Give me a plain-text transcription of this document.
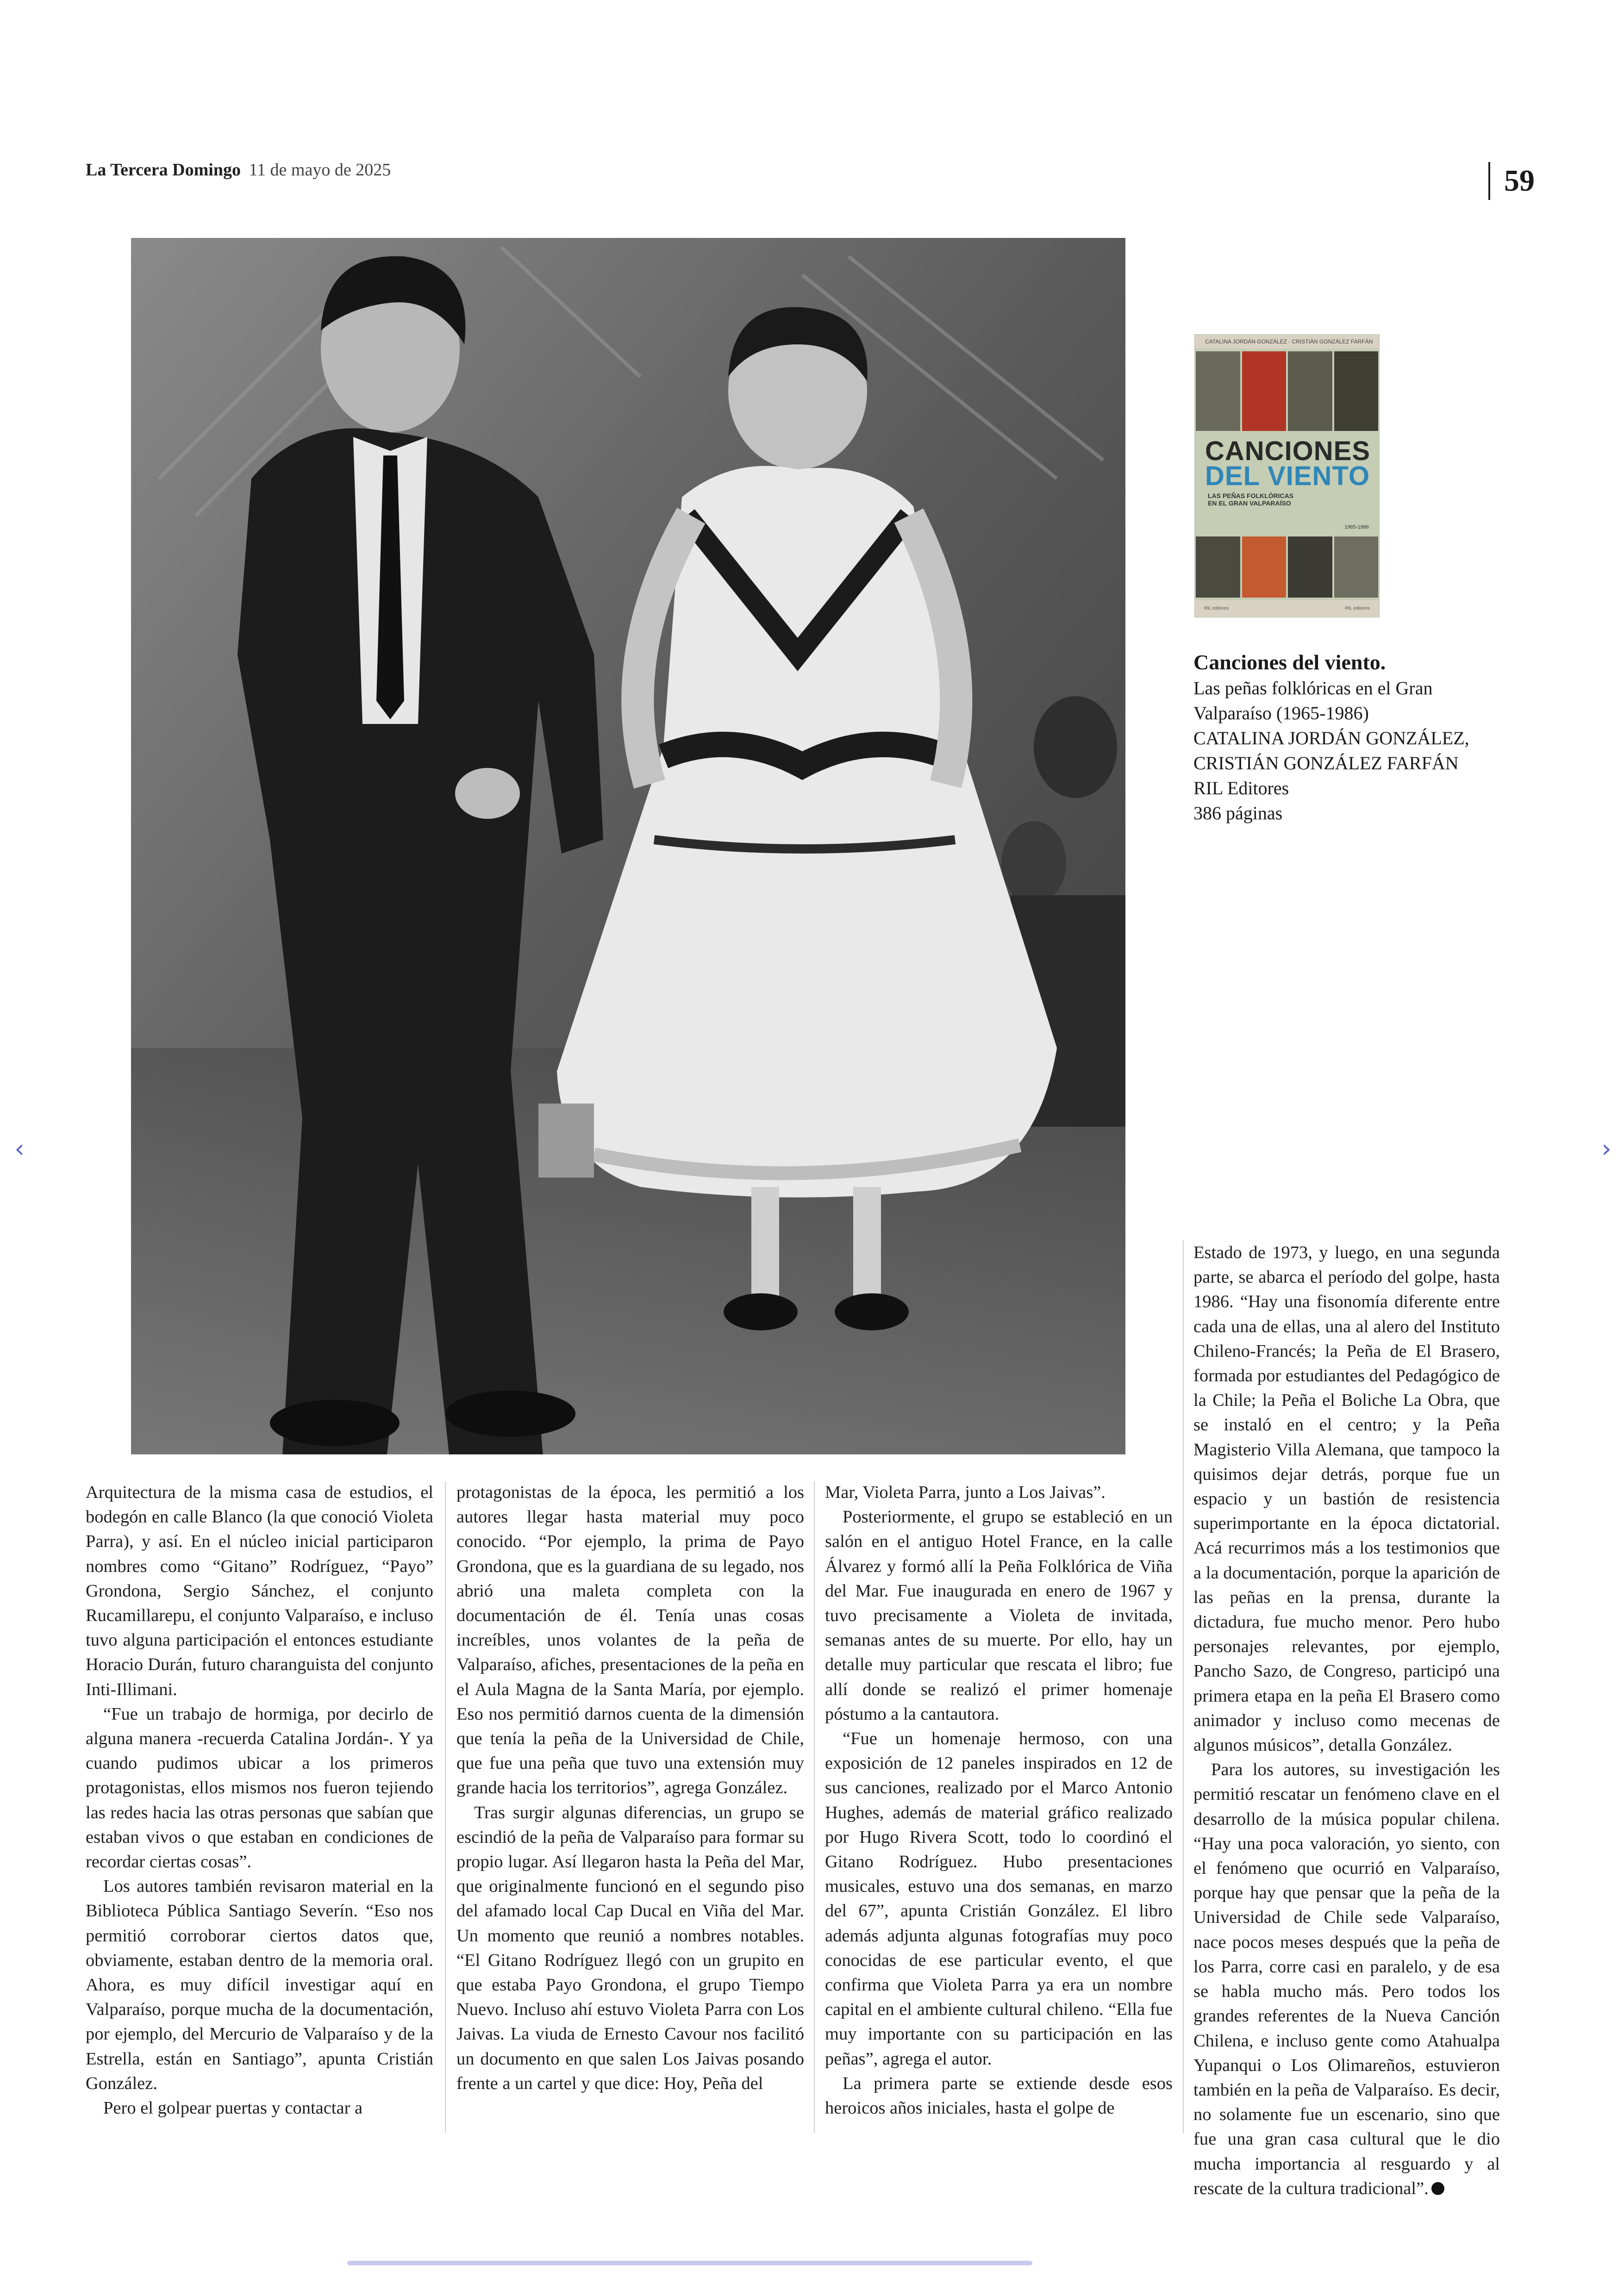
La Tercera Domingo 11 de mayo de 2025	59
CATALINA JORDÁN GONZÁLEZ · CRISTIÁN GONZÁLEZ FARFÁN
CANCIONES
DEL VIENTO
LAS PEÑAS FOLKLÓRICAS
EN EL GRAN VALPARAÍSO
1965-1986
RIL editores	RIL editores
Canciones del viento.
Las peñas folklóricas en el Gran
Valparaíso (1965-1986)
CATALINA JORDÁN GONZÁLEZ,
CRISTIÁN GONZÁLEZ FARFÁN
RIL Editores
386 páginas

Arquitectura de la misma casa de estudios, el bodegón en calle Blanco (la que conoció Violeta Parra), y así. En el núcleo inicial participaron nombres como “Gitano” Rodríguez, “Payo” Grondona, Sergio Sánchez, el conjunto Rucamillarepu, el conjunto Valparaíso, e incluso tuvo alguna participación el entonces estudiante Horacio Durán, futuro charanguista del conjunto Inti-Illimani.

“Fue un trabajo de hormiga, por decirlo de alguna manera -recuerda Catalina Jordán-. Y ya cuando pudimos ubicar a los primeros protagonistas, ellos mismos nos fueron tejiendo las redes hacia las otras personas que sabían que estaban vivos o que estaban en condiciones de recordar ciertas cosas”.

Los autores también revisaron material en la Biblioteca Pública Santiago Severín. “Eso nos permitió corroborar ciertos datos que, obviamente, estaban dentro de la memoria oral. Ahora, es muy difícil investigar aquí en Valparaíso, porque mucha de la documentación, por ejemplo, del Mercurio de Valparaíso y de la Estrella, están en Santiago”, apunta Cristián González.

Pero el golpear puertas y contactar a

protagonistas de la época, les permitió a los autores llegar hasta material muy poco conocido. “Por ejemplo, la prima de Payo Grondona, que es la guardiana de su legado, nos abrió una maleta completa con la documentación de él. Tenía unas cosas increíbles, unos volantes de la peña de Valparaíso, afiches, presentaciones de la peña en el Aula Magna de la Santa María, por ejemplo. Eso nos permitió darnos cuenta de la dimensión que tenía la peña de la Universidad de Chile, que fue una peña que tuvo una extensión muy grande hacia los territorios”, agrega González.

Tras surgir algunas diferencias, un grupo se escindió de la peña de Valparaíso para formar su propio lugar. Así llegaron hasta la Peña del Mar, que originalmente funcionó en el segundo piso del afamado local Cap Ducal en Viña del Mar. Un momento que reunió a nombres notables. “El Gitano Rodríguez llegó con un grupito en que estaba Payo Grondona, el grupo Tiempo Nuevo. Incluso ahí estuvo Violeta Parra con Los Jaivas. La viuda de Ernesto Cavour nos facilitó un documento en que salen Los Jaivas posando frente a un cartel y que dice: Hoy, Peña del

Mar, Violeta Parra, junto a Los Jaivas”.

Posteriormente, el grupo se estableció en un salón en el antiguo Hotel France, en la calle Álvarez y formó allí la Peña Folklórica de Viña del Mar. Fue inaugurada en enero de 1967 y tuvo precisamente a Violeta de invitada, semanas antes de su muerte. Por ello, hay un detalle muy particular que rescata el libro; fue allí donde se realizó el primer homenaje póstumo a la cantautora.

“Fue un homenaje hermoso, con una exposición de 12 paneles inspirados en 12 de sus canciones, realizado por el Marco Antonio Hughes, además de material gráfico realizado por Hugo Rivera Scott, todo lo coordinó el Gitano Rodríguez. Hubo presentaciones musicales, estuvo una dos semanas, en marzo del 67”, apunta Cristián González. El libro además adjunta algunas fotografías muy poco conocidas de ese particular evento, el que confirma que Violeta Parra ya era un nombre capital en el ambiente cultural chileno. “Ella fue muy importante con su participación en las peñas”, agrega el autor.

La primera parte se extiende desde esos heroicos años iniciales, hasta el golpe de

Estado de 1973, y luego, en una segunda parte, se abarca el período del golpe, hasta 1986. “Hay una fisonomía diferente entre cada una de ellas, una al alero del Instituto Chileno-Francés; la Peña de El Brasero, formada por estudiantes del Pedagógico de la Chile; la Peña el Boliche La Obra, que se instaló en el centro; y la Peña Magisterio Villa Alemana, que tampoco la quisimos dejar detrás, porque fue un espacio y un bastión de resistencia superimportante en la época dictatorial. Acá recurrimos más a los testimonios que a la documentación, porque la aparición de las peñas en la prensa, durante la dictadura, fue mucho menor. Pero hubo personajes relevantes, por ejemplo, Pancho Sazo, de Congreso, participó una primera etapa en la peña El Brasero como animador y incluso como mecenas de algunos músicos”, detalla González.

Para los autores, su investigación les permitió rescatar un fenómeno clave en el desarrollo de la música popular chilena. “Hay una poca valoración, yo siento, con el fenómeno que ocurrió en Valparaíso, porque hay que pensar que la peña de la Universidad de Chile sede Valparaíso, nace pocos meses después que la peña de los Parra, corre casi en paralelo, y de esa se habla mucho más. Pero todos los grandes referentes de la Nueva Canción Chilena, e incluso gente como Atahualpa Yupanqui o Los Olimareños, estuvieron también en la peña de Valparaíso. Es decir, no solamente fue un escenario, sino que fue una gran casa cultural que le dio mucha importancia al resguardo y al rescate de la cultura tradicional”.

‹	›
